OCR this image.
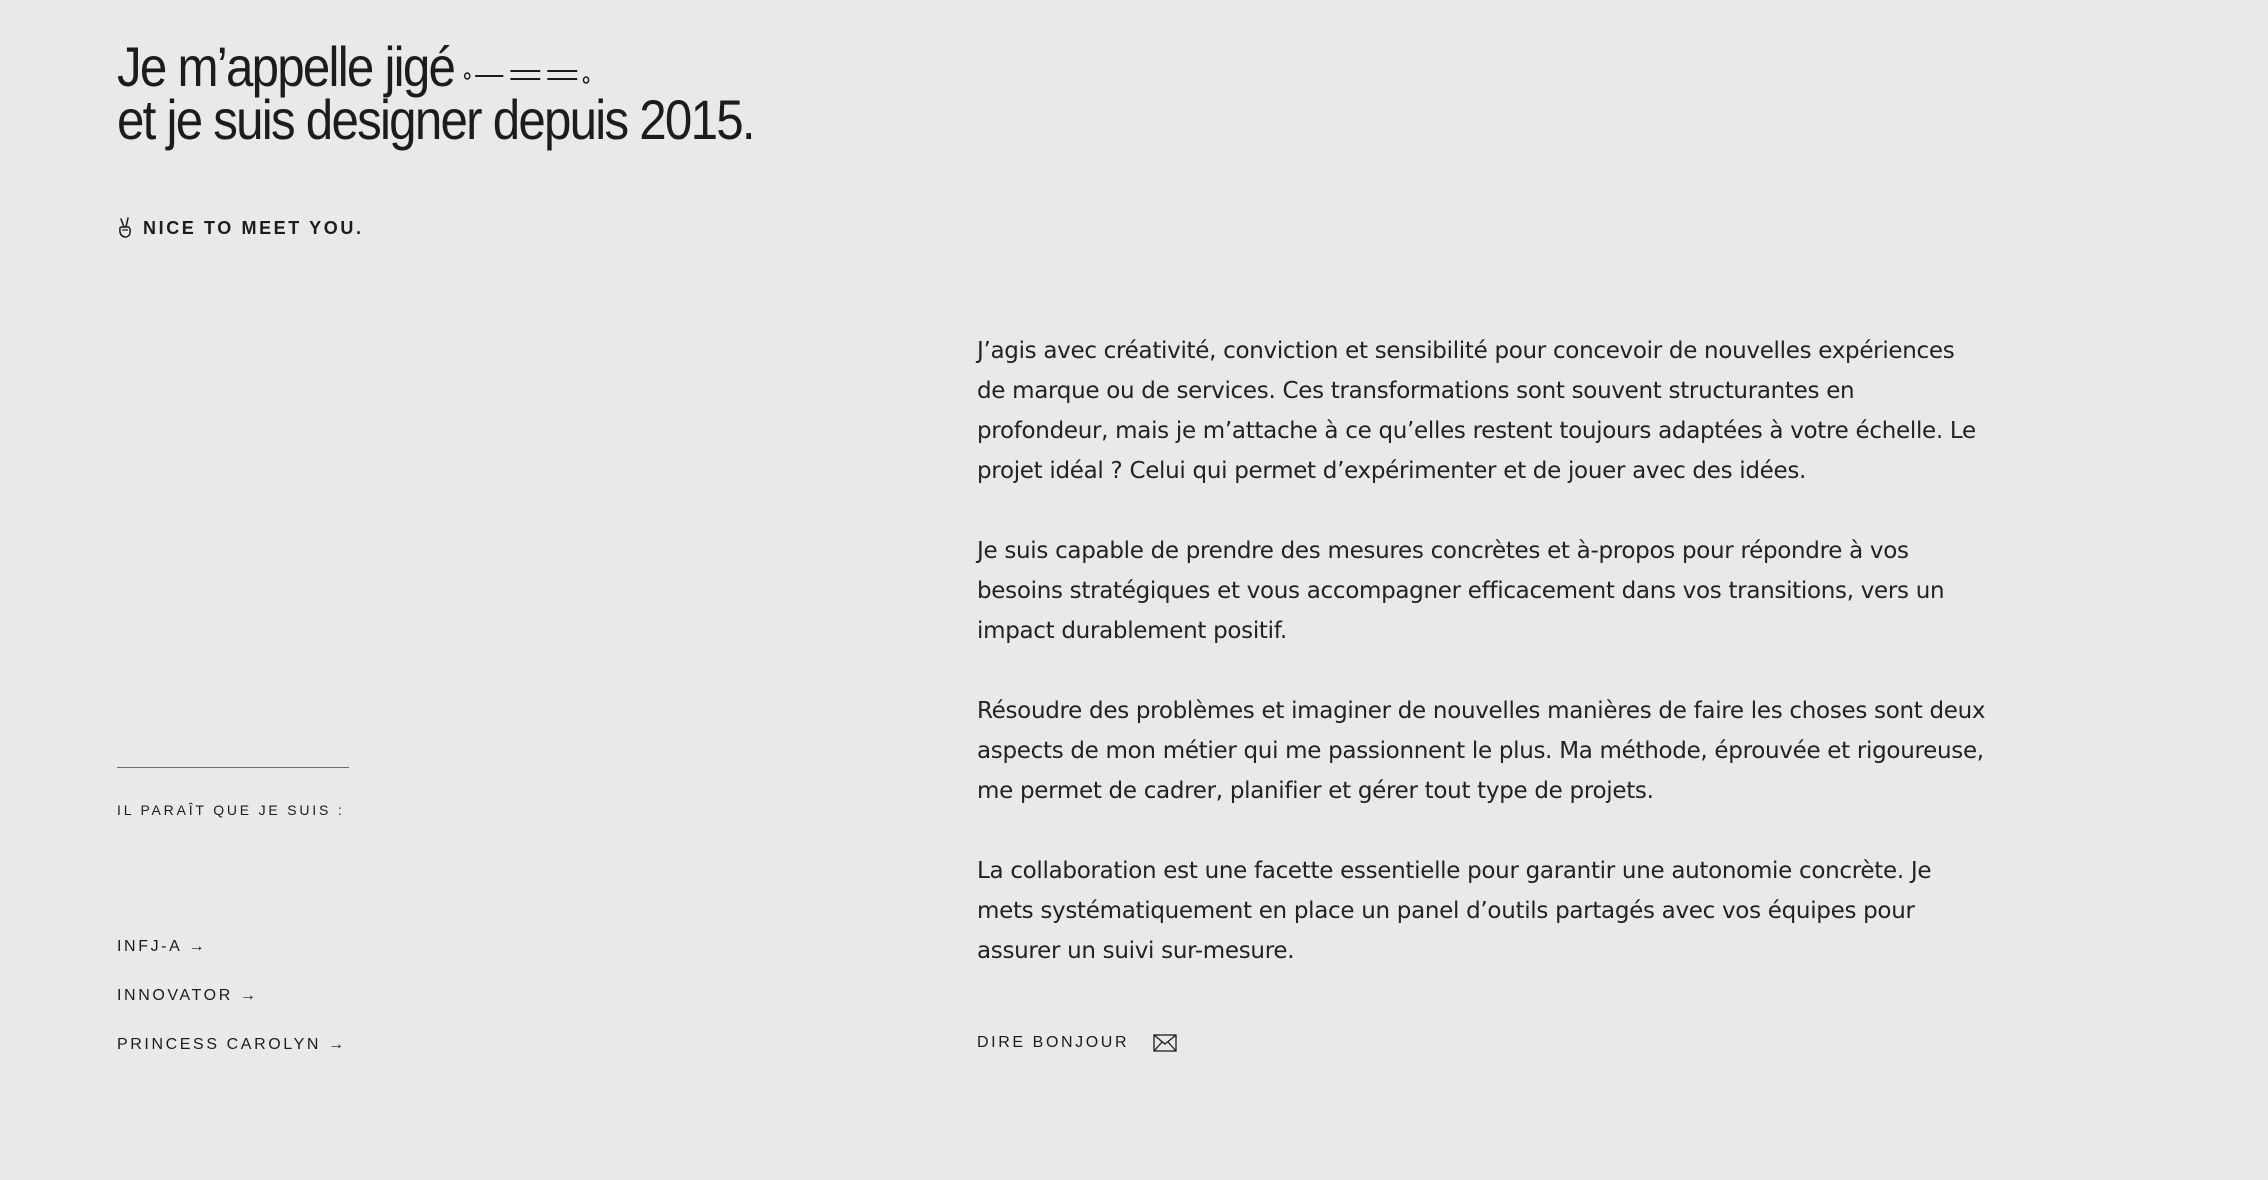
Je m’appelle jigé
et je suis designer depuis 2015.
NICE TO MEET YOU.
IL PARAÎT QUE JE SUIS :
INFJ-A →
INNOVATOR →
PRINCESS CAROLYN →

J’agis avec créativité, conviction et sensibilité pour concevoir de nouvelles expériences de marque ou de services. Ces transformations sont souvent structurantes en profondeur, mais je m’attache à ce qu’elles restent toujours adaptées à votre échelle. Le projet idéal ? Celui qui permet d’expérimenter et de jouer avec des idées.

Je suis capable de prendre des mesures concrètes et à-propos pour répondre à vos besoins stratégiques et vous accompagner efficacement dans vos transitions, vers un impact durablement positif.

Résoudre des problèmes et imaginer de nouvelles manières de faire les choses sont deux aspects de mon métier qui me passionnent le plus. Ma méthode, éprouvée et rigoureuse, me permet de cadrer, planifier et gérer tout type de projets.

La collaboration est une facette essentielle pour garantir une autonomie concrète. Je mets systématiquement en place un panel d’outils partagés avec vos équipes pour assurer un suivi sur-mesure.

DIRE BONJOUR
